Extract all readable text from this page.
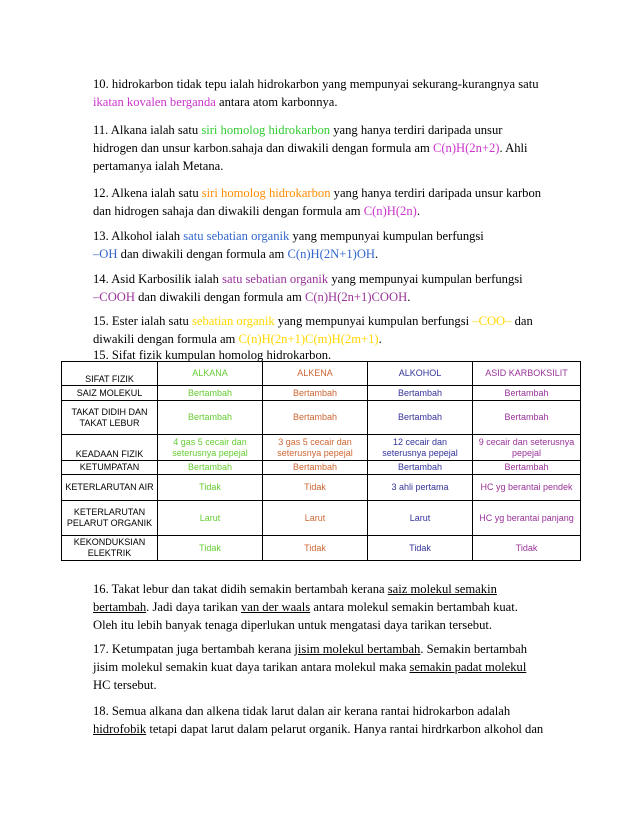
10. hidrokarbon tidak tepu ialah hidrokarbon yang mempunyai sekurang-kurangnya satu
ikatan kovalen berganda antara atom karbonnya.
11. Alkana ialah satu siri homolog hidrokarbon yang hanya terdiri daripada unsur
hidrogen dan unsur karbon.sahaja dan diwakili dengan formula am C(n)H(2n+2). Ahli
pertamanya ialah Metana.
12. Alkena ialah satu siri homolog hidrokarbon yang hanya terdiri daripada unsur karbon
dan hidrogen sahaja dan diwakili dengan formula am C(n)H(2n).
13. Alkohol ialah satu sebatian organik yang mempunyai kumpulan berfungsi
–OH dan diwakili dengan formula am C(n)H(2N+1)OH.
14. Asid Karbosilik ialah satu sebatian organik yang mempunyai kumpulan berfungsi
–COOH dan diwakili dengan formula am C(n)H(2n+1)COOH.
15. Ester ialah satu sebatian organik yang mempunyai kumpulan berfungsi –COO– dan
diwakili dengan formula am C(n)H(2n+1)C(m)H(2m+1).
15. Sifat fizik kumpulan homolog hidrokarbon.
SIFAT FIZIK	ALKANA	ALKENA	ALKOHOL	ASID KARBOKSILIT
SAIZ MOLEKUL	Bertambah	Bertambah	Bertambah	Bertambah
TAKAT DIDIH DAN TAKAT LEBUR	Bertambah	Bertambah	Bertambah	Bertambah
KEADAAN FIZIK	4 gas 5 cecair dan seterusnya pepejal	3 gas 5 cecair dan seterusnya pepejal	12 cecair dan seterusnya pepejal	9 cecair dan seterusnya pepejal
KETUMPATAN	Bertambah	Bertambah	Bertambah	Bertambah
KETERLARUTAN AIR	Tidak	Tidak	3 ahli pertama	HC yg berantai pendek
KETERLARUTAN PELARUT ORGANIK	Larut	Larut	Larut	HC yg berantai panjang
KEKONDUKSIAN ELEKTRIK	Tidak	Tidak	Tidak	Tidak
16. Takat lebur dan takat didih semakin bertambah kerana saiz molekul semakin
bertambah. Jadi daya tarikan van der waals antara molekul semakin bertambah kuat.
Oleh itu lebih banyak tenaga diperlukan untuk mengatasi daya tarikan tersebut.
17. Ketumpatan juga bertambah kerana jisim molekul bertambah. Semakin bertambah
jisim molekul semakin kuat daya tarikan antara molekul maka semakin padat molekul
HC tersebut.
18. Semua alkana dan alkena tidak larut dalan air kerana rantai hidrokarbon adalah
hidrofobik tetapi dapat larut dalam pelarut organik. Hanya rantai hirdrkarbon alkohol dan
